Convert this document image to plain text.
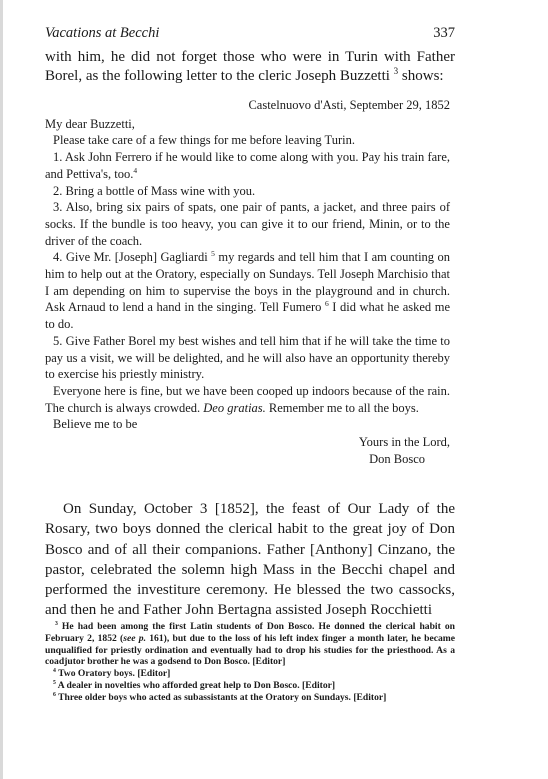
Vacations at Becchi	337

with him, he did not forget those who were in Turin with Father Borel, as the following letter to the cleric Joseph Buzzetti $^3$ shows:

Castelnuovo d'Asti, September 29, 1852
My dear Buzzetti,

Please take care of a few things for me before leaving Turin.

1. Ask John Ferrero if he would like to come along with you. Pay his train fare, and Pettiva's, too.$^4$

2. Bring a bottle of Mass wine with you.

3. Also, bring six pairs of spats, one pair of pants, a jacket, and three pairs of socks. If the bundle is too heavy, you can give it to our friend, Minin, or to the driver of the coach.

4. Give Mr. [Joseph] Gagliardi $^5$ my regards and tell him that I am counting on him to help out at the Oratory, especially on Sundays. Tell Joseph Marchisio that I am depending on him to supervise the boys in the playground and in church. Ask Arnaud to lend a hand in the singing. Tell Fumero $^6$ I did what he asked me to do.

5. Give Father Borel my best wishes and tell him that if he will take the time to pay us a visit, we will be delighted, and he will also have an opportunity thereby to exercise his priestly ministry.

Everyone here is fine, but we have been cooped up indoors because of the rain. The church is always crowded. Deo gratias. Remember me to all the boys.

Believe me to be
Yours in the Lord,
Don Bosco

On Sunday, October 3 [1852], the feast of Our Lady of the Rosary, two boys donned the clerical habit to the great joy of Don Bosco and of all their companions. Father [Anthony] Cinzano, the pastor, celebrated the solemn high Mass in the Becchi chapel and performed the investiture ceremony. He blessed the two cassocks, and then he and Father John Bertagna assisted Joseph Rocchietti

$^3$ He had been among the first Latin students of Don Bosco. He donned the clerical habit on February 2, 1852 (see p. 161), but due to the loss of his left index finger a month later, he became unqualified for priestly ordination and eventually had to drop his studies for the priesthood. As a coadjutor brother he was a godsend to Don Bosco. [Editor]

$^4$ Two Oratory boys. [Editor]

$^5$ A dealer in novelties who afforded great help to Don Bosco. [Editor]

$^6$ Three older boys who acted as subassistants at the Oratory on Sundays. [Editor]
